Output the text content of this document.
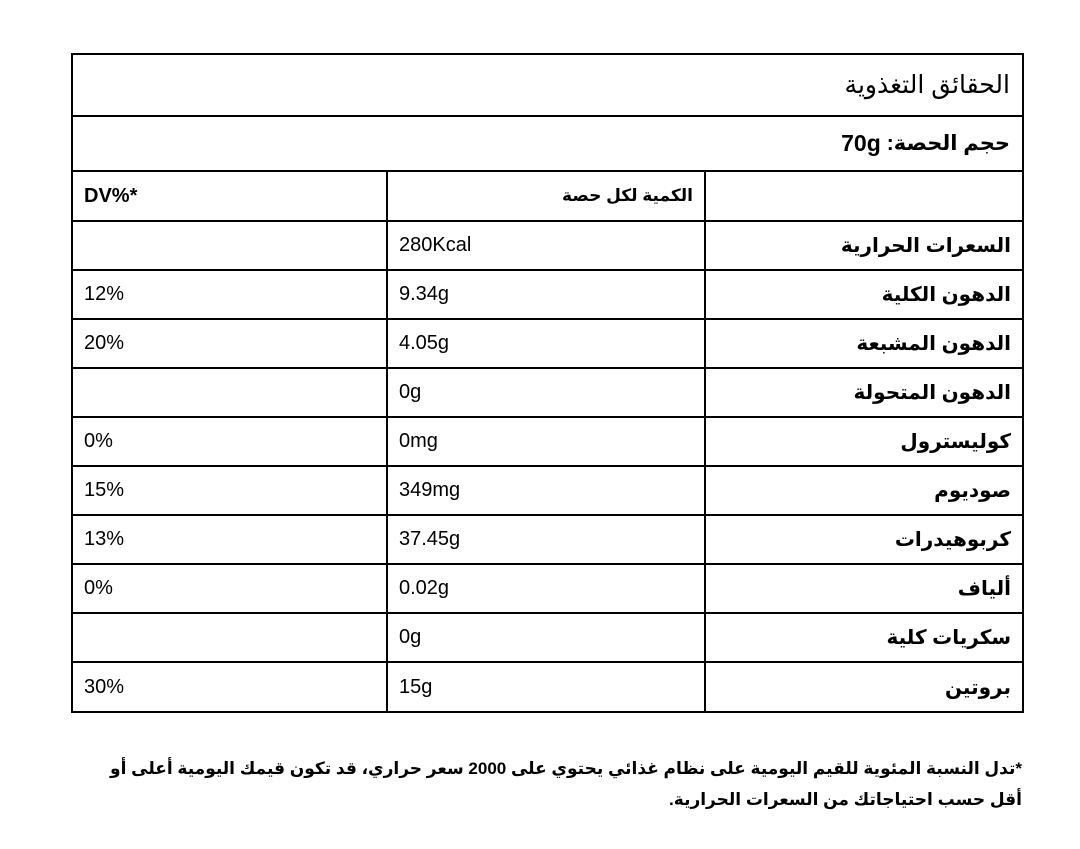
الحقائق التغذوية
حجم الحصة:
70g
	الكمية لكل حصة	DV%*
السعرات الحرارية	280Kcal	
الدهون الكلية	9.34g	12%
الدهون المشبعة	4.05g	20%
الدهون المتحولة	0g	
كوليسترول	0mg	0%
صوديوم	349mg	15%
كربوهيدرات	37.45g	13%
ألياف	0.02g	0%
سكريات كلية	0g	
بروتين	15g	30%
*تدل النسبة المئوية للقيم اليومية على نظام غذائي يحتوي على 2000 سعر حراري، قد تكون قيمك اليومية أعلى أو أقل حسب احتياجاتك من السعرات الحرارية.
